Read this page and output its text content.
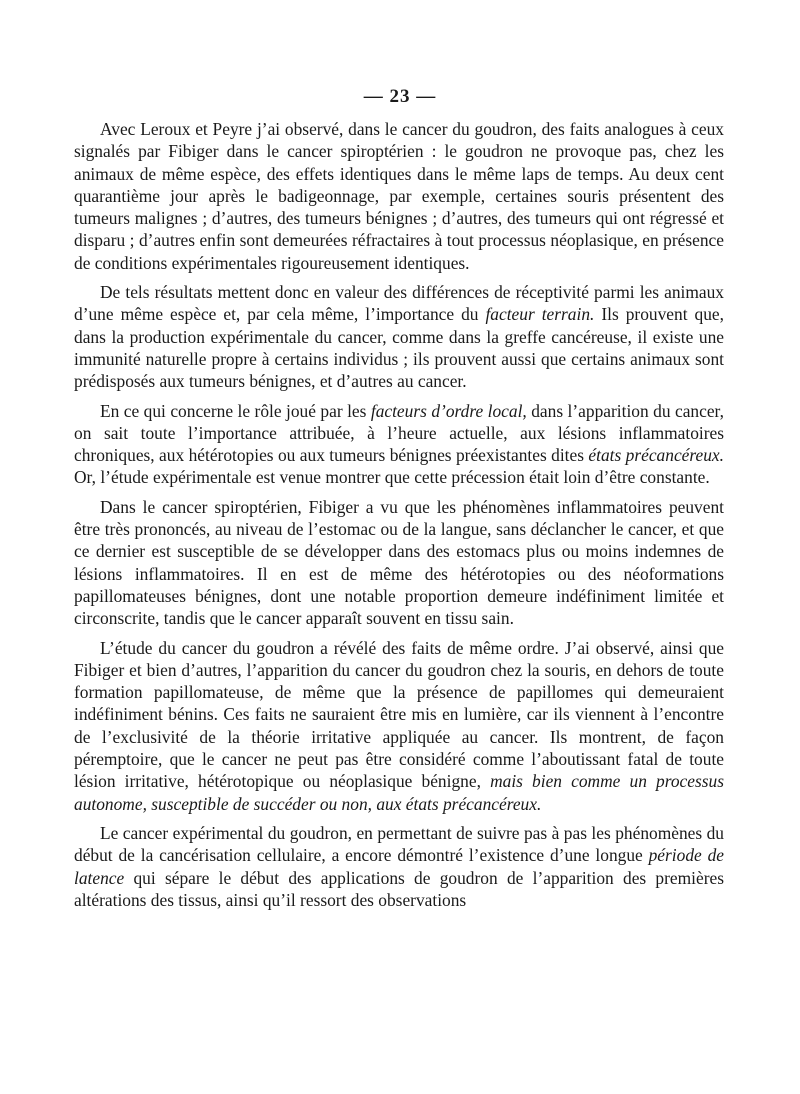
— 23 —

Avec Leroux et Peyre j’ai observé, dans le cancer du goudron, des faits analogues à ceux signalés par Fibiger dans le cancer spiroptérien : le goudron ne provoque pas, chez les animaux de même espèce, des effets identiques dans le même laps de temps. Au deux cent quarantième jour après le badigeonnage, par exemple, certaines souris présentent des tumeurs malignes ; d’autres, des tumeurs bénignes ; d’autres, des tumeurs qui ont régressé et disparu ; d’autres enfin sont demeurées réfractaires à tout processus néoplasique, en présence de conditions expérimentales rigoureusement identiques.

De tels résultats mettent donc en valeur des différences de réceptivité parmi les animaux d’une même espèce et, par cela même, l’importance du facteur terrain. Ils prouvent que, dans la production expérimentale du cancer, comme dans la greffe cancéreuse, il existe une immunité naturelle propre à certains individus ; ils prouvent aussi que certains animaux sont prédisposés aux tumeurs bénignes, et d’autres au cancer.

En ce qui concerne le rôle joué par les facteurs d’ordre local, dans l’apparition du cancer, on sait toute l’importance attribuée, à l’heure actuelle, aux lésions inflammatoires chroniques, aux hétérotopies ou aux tumeurs bénignes préexistantes dites états précancéreux. Or, l’étude expérimentale est venue montrer que cette précession était loin d’être constante.

Dans le cancer spiroptérien, Fibiger a vu que les phénomènes inflammatoires peuvent être très prononcés, au niveau de l’estomac ou de la langue, sans déclancher le cancer, et que ce dernier est susceptible de se développer dans des estomacs plus ou moins indemnes de lésions inflammatoires. Il en est de même des hétérotopies ou des néoformations papillomateuses bénignes, dont une notable proportion demeure indéfiniment limitée et circonscrite, tandis que le cancer apparaît souvent en tissu sain.

L’étude du cancer du goudron a révélé des faits de même ordre. J’ai observé, ainsi que Fibiger et bien d’autres, l’apparition du cancer du goudron chez la souris, en dehors de toute formation papillomateuse, de même que la présence de papillomes qui demeuraient indéfiniment bénins. Ces faits ne sauraient être mis en lumière, car ils viennent à l’encontre de l’exclusivité de la théorie irritative appliquée au cancer. Ils montrent, de façon péremptoire, que le cancer ne peut pas être considéré comme l’aboutissant fatal de toute lésion irritative, hétérotopique ou néoplasique bénigne, mais bien comme un processus autonome, susceptible de succéder ou non, aux états précancéreux.

Le cancer expérimental du goudron, en permettant de suivre pas à pas les phénomènes du début de la cancérisation cellulaire, a encore démontré l’existence d’une longue période de latence qui sépare le début des applications de goudron de l’apparition des premières altérations des tissus, ainsi qu’il ressort des observations
